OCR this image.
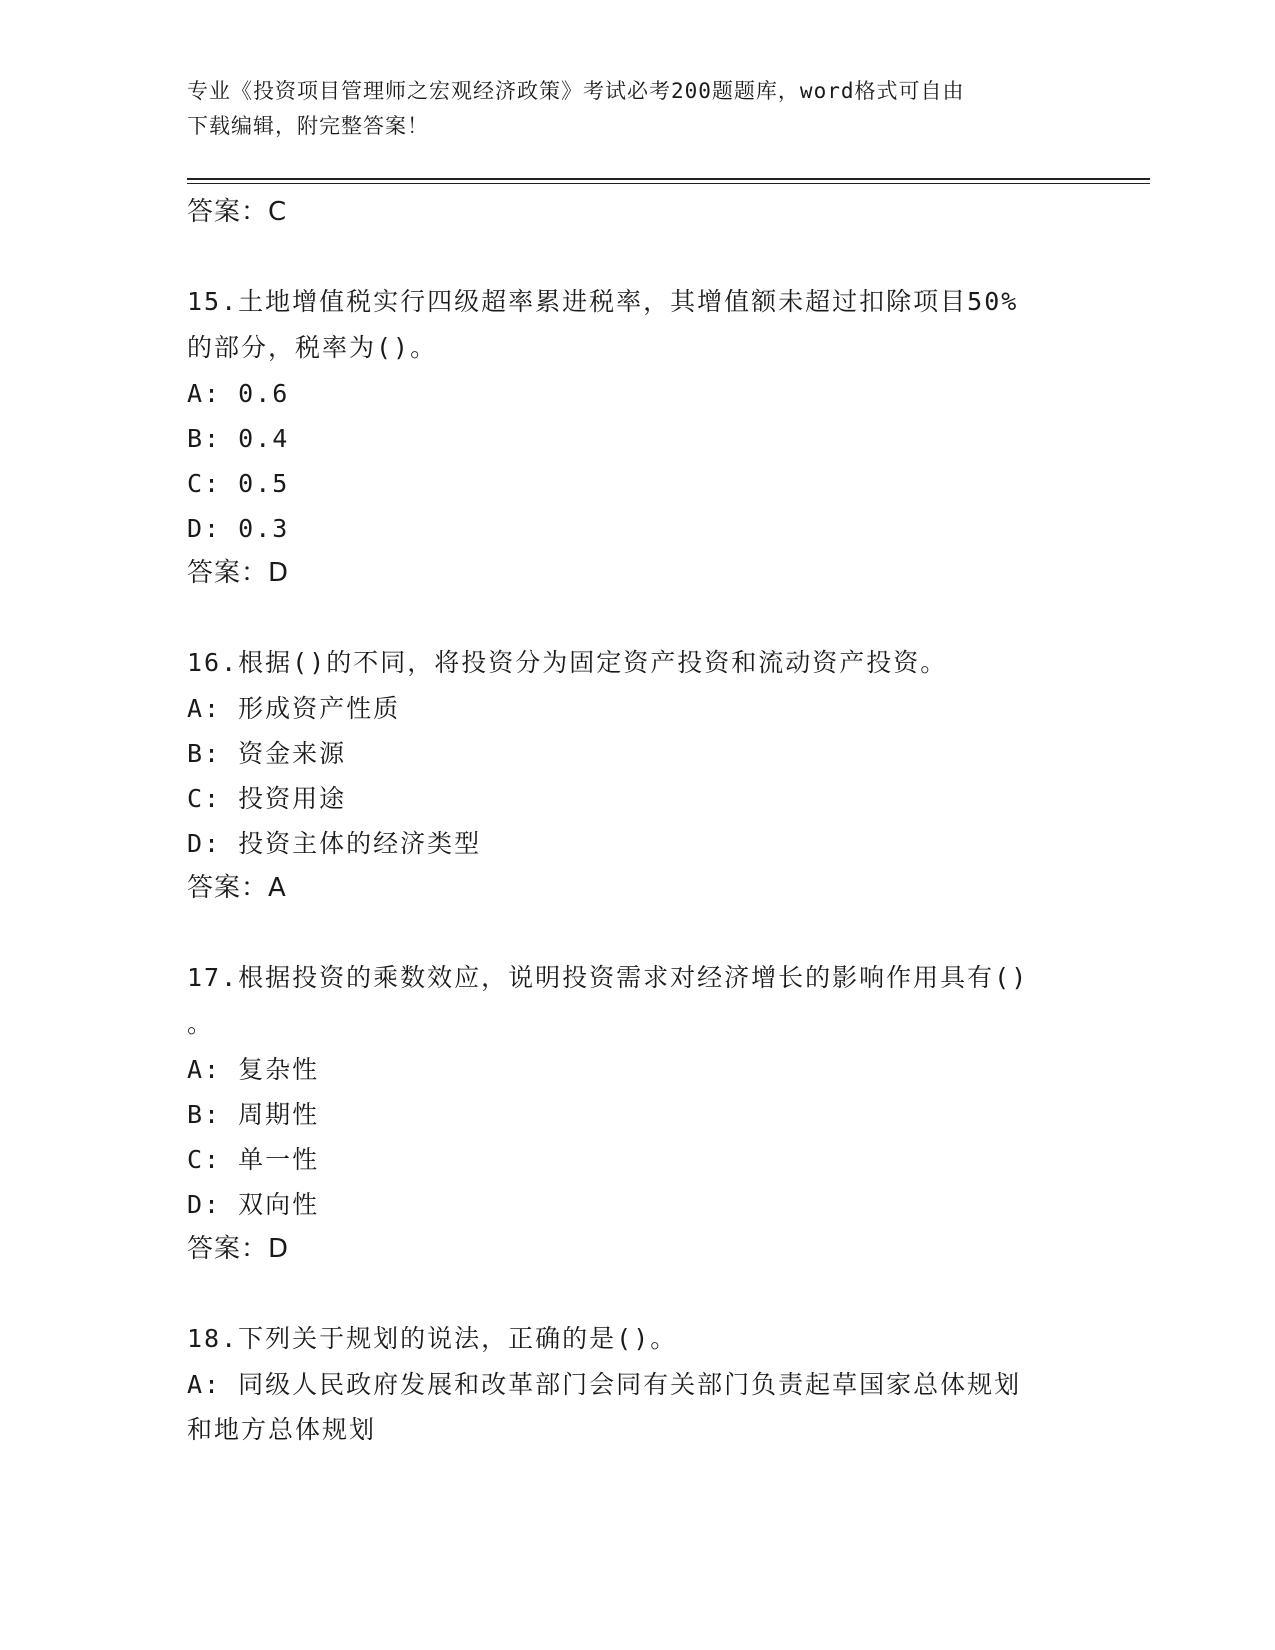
专业《投资项目管理师之宏观经济政策》考试必考200题题库，word格式可自由
下载编辑，附完整答案！

答案：C

15.土地增值税实行四级超率累进税率，其增值额未超过扣除项目50%

的部分，税率为()。

A: 0.6

B: 0.4

C: 0.5

D: 0.3

答案：D

16.根据()的不同，将投资分为固定资产投资和流动资产投资。

A: 形成资产性质

B: 资金来源

C: 投资用途

D: 投资主体的经济类型

答案：A

17.根据投资的乘数效应，说明投资需求对经济增长的影响作用具有()

。

A: 复杂性

B: 周期性

C: 单一性

D: 双向性

答案：D

18.下列关于规划的说法，正确的是()。

A: 同级人民政府发展和改革部门会同有关部门负责起草国家总体规划

和地方总体规划
